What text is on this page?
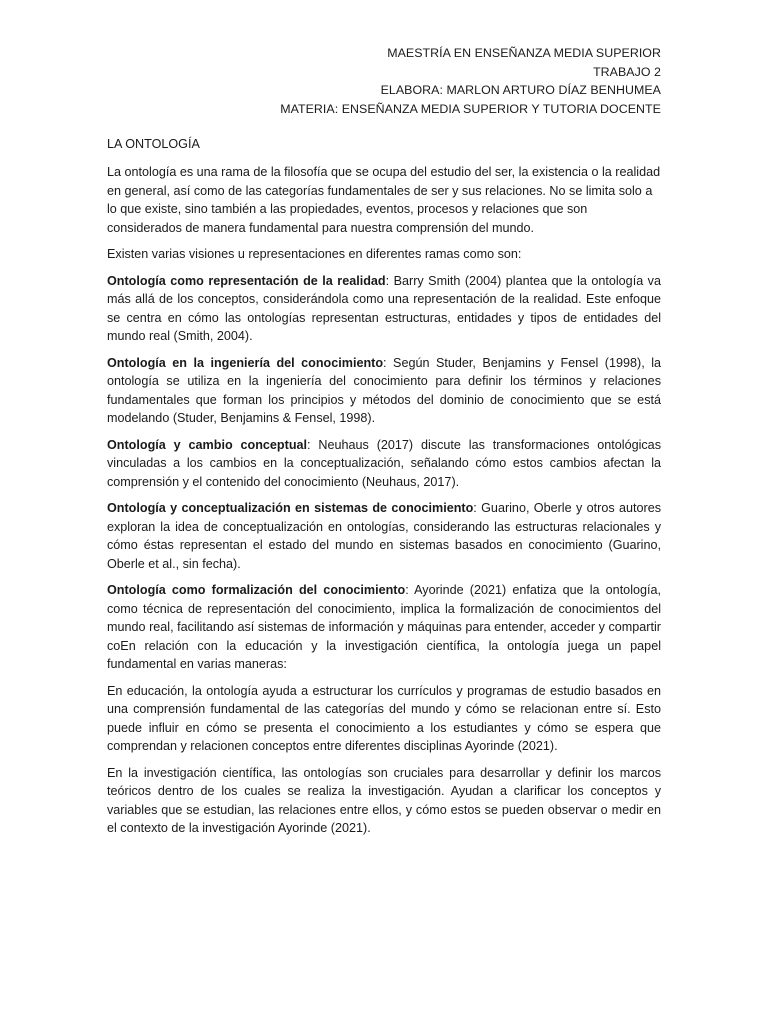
MAESTRÍA EN ENSEÑANZA MEDIA SUPERIOR
TRABAJO 2
ELABORA: MARLON ARTURO DÍAZ BENHUMEA
MATERIA: ENSEÑANZA MEDIA SUPERIOR Y TUTORIA DOCENTE
LA ONTOLOGÍA

La ontología es una rama de la filosofía que se ocupa del estudio del ser, la existencia o la realidad en general, así como de las categorías fundamentales de ser y sus relaciones. No se limita solo a lo que existe, sino también a las propiedades, eventos, procesos y relaciones que son considerados de manera fundamental para nuestra comprensión del mundo.

Existen varias visiones u representaciones en diferentes ramas como son:

Ontología como representación de la realidad: Barry Smith (2004) plantea que la ontología va más allá de los conceptos, considerándola como una representación de la realidad. Este enfoque se centra en cómo las ontologías representan estructuras, entidades y tipos de entidades del mundo real (Smith, 2004).

Ontología en la ingeniería del conocimiento: Según Studer, Benjamins y Fensel (1998), la ontología se utiliza en la ingeniería del conocimiento para definir los términos y relaciones fundamentales que forman los principios y métodos del dominio de conocimiento que se está modelando (Studer, Benjamins & Fensel, 1998).

Ontología y cambio conceptual: Neuhaus (2017) discute las transformaciones ontológicas vinculadas a los cambios en la conceptualización, señalando cómo estos cambios afectan la comprensión y el contenido del conocimiento (Neuhaus, 2017).

Ontología y conceptualización en sistemas de conocimiento: Guarino, Oberle y otros autores exploran la idea de conceptualización en ontologías, considerando las estructuras relacionales y cómo éstas representan el estado del mundo en sistemas basados en conocimiento (Guarino, Oberle et al., sin fecha).

Ontología como formalización del conocimiento: Ayorinde (2021) enfatiza que la ontología, como técnica de representación del conocimiento, implica la formalización de conocimientos del mundo real, facilitando así sistemas de información y máquinas para entender, acceder y compartir coEn relación con la educación y la investigación científica, la ontología juega un papel fundamental en varias maneras:

En educación, la ontología ayuda a estructurar los currículos y programas de estudio basados en una comprensión fundamental de las categorías del mundo y cómo se relacionan entre sí. Esto puede influir en cómo se presenta el conocimiento a los estudiantes y cómo se espera que comprendan y relacionen conceptos entre diferentes disciplinas Ayorinde (2021).

En la investigación científica, las ontologías son cruciales para desarrollar y definir los marcos teóricos dentro de los cuales se realiza la investigación. Ayudan a clarificar los conceptos y variables que se estudian, las relaciones entre ellos, y cómo estos se pueden observar o medir en el contexto de la investigación Ayorinde (2021).
